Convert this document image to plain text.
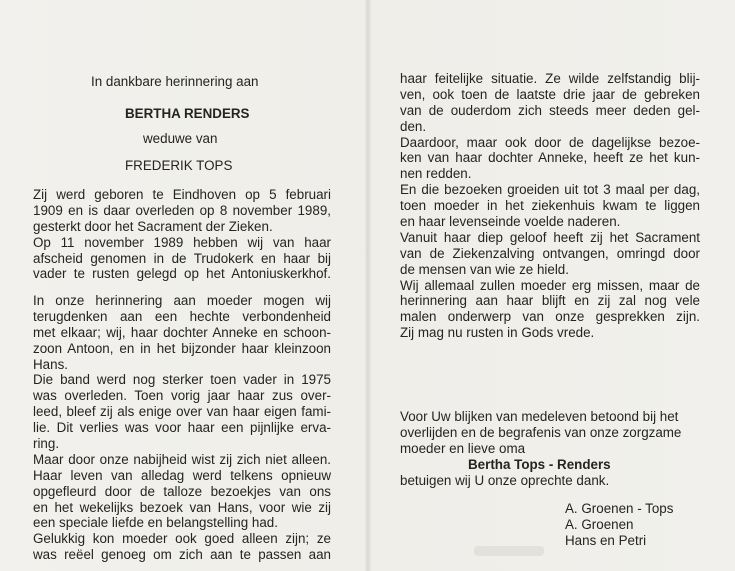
In dankbare herinnering aan
BERTHA RENDERS
weduwe van
FREDERIK TOPS
Zij werd geboren te Eindhoven op 5 februari
1909 en is daar overleden op 8 november 1989,
gesterkt door het Sacrament der Zieken.
Op 11 november 1989 hebben wij van haar
afscheid genomen in de Trudokerk en haar bij
vader te rusten gelegd op het Antoniuskerkhof.
In onze herinnering aan moeder mogen wij
terugdenken aan een hechte verbondenheid
met elkaar; wij, haar dochter Anneke en schoon-
zoon Antoon, en in het bijzonder haar kleinzoon
Hans.
Die band werd nog sterker toen vader in 1975
was overleden. Toen vorig jaar haar zus over-
leed, bleef zij als enige over van haar eigen fami-
lie. Dit verlies was voor haar een pijnlijke erva-
ring.
Maar door onze nabijheid wist zij zich niet alleen.
Haar leven van alledag werd telkens opnieuw
opgefleurd door de talloze bezoekjes van ons
en het wekelijks bezoek van Hans, voor wie zij
een speciale liefde en belangstelling had.
Gelukkig kon moeder ook goed alleen zijn; ze
was reëel genoeg om zich aan te passen aan
haar feitelijke situatie. Ze wilde zelfstandig blij-
ven, ook toen de laatste drie jaar de gebreken
van de ouderdom zich steeds meer deden gel-
den.
Daardoor, maar ook door de dagelijkse bezoe-
ken van haar dochter Anneke, heeft ze het kun-
nen redden.
En die bezoeken groeiden uit tot 3 maal per dag,
toen moeder in het ziekenhuis kwam te liggen
en haar levenseinde voelde naderen.
Vanuit haar diep geloof heeft zij het Sacrament
van de Ziekenzalving ontvangen, omringd door
de mensen van wie ze hield.
Wij allemaal zullen moeder erg missen, maar de
herinnering aan haar blijft en zij zal nog vele
malen onderwerp van onze gesprekken zijn.
Zij mag nu rusten in Gods vrede.
Voor Uw blijken van medeleven betoond bij het
overlijden en de begrafenis van onze zorgzame
moeder en lieve oma
Bertha Tops - Renders
betuigen wij U onze oprechte dank.
A. Groenen - Tops
A. Groenen
Hans en Petri
